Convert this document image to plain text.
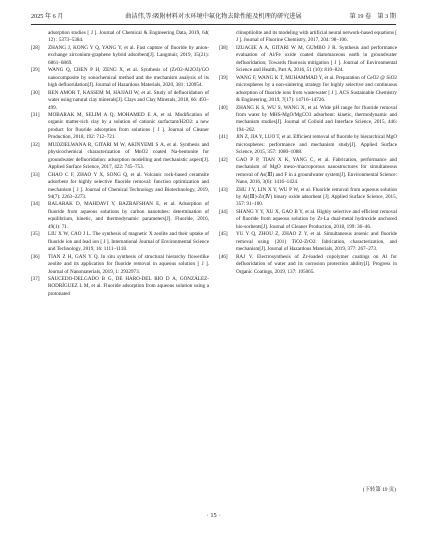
2025 年 6 月	曲洁伟,等:吸附材料对水环境中氟化物去除性能及机理的研究进展	第 19 卷　第 3 期
adsorption studies [ J ]. Journal of Chemical & Engineering Data, 2019, 64( 12) : 5373–5384.
[28]	ZHANG J, KONG Y Q, YANG Y, et al. Fast capture of fluoride by anion-exchange zirconium-graphene hybrid adsorbent[J]. Langmuir, 2019, 35(21): 6861–6869.
[29]	WANG Q, CHEN P H, ZENG X, et al. Synthesis of (ZrO2-Al2O3)/GO nanocomposite by sonochemical method and the mechanism analysis of its high defluoridation[J]. Journal of Hazardous Materials, 2020, 381: 120954.
[30]	BEN AMOR T, KASSEM M, HAJJAJI W, et al. Study of defluoridation of water using natural clay minerals[J]. Clays and Clay Minerals, 2018, 66: 493–499.
[31]	MOBARAK M, SELIM A Q, MOHAMED E A, et al. Modification of organic matter-rich clay by a solution of cationic surfactant/H2O2: a new product for fluoride adsorption from solutions [ J ]. Journal of Cleaner Production, 2018, 192: 712–721.
[32]	MUDZIELWANA R, GITARI M W, AKINYEMI S A, et al. Synthesis and physicochemical characterization of MnO2 coated Na-bentonite for groundwater defluoridation: adsorption modelling and mechanistic aspect[J]. Applied Surface Science, 2017, 422: 745–753.
[33]	CHAO C F, ZHAO Y X, SONG Q, et al. Volcanic rock-based ceramsite adsorbent for highly selective fluoride removal: function optimization and mechanism [ J ]. Journal of Chemical Technology and Biotechnology, 2019, 94(7): 2263–2273.
[34]	BALARAK D, MAHDAVI Y, BAZRAFSHAN E, et al. Adsorption of fluoride from aqueous solutions by carbon nanotubes: determination of equilibrium, kinetic, and thermodynamic parameters[J]. Fluoride, 2016, 49(1): 71.
[35]	LIU X W, CAO J L. The synthesis of magnetic X zeolite and their uptake of fluoride ion and lead ion [ J ]. International Journal of Environmental Science and Technology, 2019, 16: 1111–1118.
[36]	TIAN Z H, GAN Y Q. In situ synthesis of structural hierarchy flowerlike zeolite and its application for fluoride removal in aqueous solution [ J ]. Journal of Nanomaterials, 2019, 1: 2932973.
[37]	SAUCEDO-DELGADO B G, DE HARO-DEL RIO D A, GONZÁLEZ-RODRÍGUEZ L M, et al. Fluoride adsorption from aqueous solution using a protonated
clinoptilolite and its modeling with artificial neural network-based equations [ J ]. Journal of Fluorine Chemistry, 2017, 204: 98–106.
[38]	IZUAGIE A A, GITARI W M, GUMBO J R. Synthesis and performance evaluation of Al/Fe oxide coated diatomaceous earth in groundwater defluoridation; Towards fluorosis mitigation [ J ]. Journal of Environmental Science and Health, Part A, 2016, 51 (10): 810–824.
[39]	WANG F, WANG K T, MUHAMMAD Y, et al. Preparation of CeO2 @ SiO2 microspheres by a non-sintering strategy for highly selective and continuous adsorption of fluoride ions from wastewater [ J ]. ACS Sustainable Chemistry & Engineering, 2019, 7(17): 14716–14726.
[40]	ZHANG K S, WU S, WANG X, et al. Wide pH range for fluoride removal from water by MHS-MgO/MgCO3 adsorbent: kinetic, thermodynamic and mechanism studies[J]. Journal of Colloid and Interface Science, 2015, 446: 194–202.
[41]	JIN Z, JIA Y, LUO T, et al. Efficient removal of fluoride by hierarchical MgO microspheres: performance and mechanism study[J]. Applied Surface Science, 2015, 357: 1080–1088.
[42]	GAO P P, TIAN X K, YANG C, et al. Fabrication, performance and mechanism of MgO meso-/macroporous nanostructures for simultaneous removal of As(Ⅲ) and F in a groundwater system[J]. Environmental Science: Nano, 2016, 3(6): 1416–1424.
[43]	ZHU J Y, LIN X Y, WU P W, et al. Fluoride removal from aqueous solution by Al(Ⅲ)-Zr(Ⅳ) binary oxide adsorbent [J]. Applied Surface Science, 2015, 357: 91–100.
[44]	SHANG Y Y, XU X, GAO B Y, et al. Highly selective and efficient removal of fluoride from aqueous solution by Zr-La dual-metal hydroxide anchored bio-sorbents[J]. Journal of Cleaner Production, 2018, 199: 36–46.
[45]	YU Y Q, ZHOU Z, ZHAO Z Y, et al. Simultaneous arsenic and fluoride removal using {201} TiO2-ZrO2: fabrication, characterization, and mechanism[J]. Journal of Hazardous Materials, 2019, 377: 267–273.
[46]	RAJ V. Electrosynthesis of Zr-loaded copolymer coatings on Al for defluoridation of water and its corrosion protection ability[J]. Progress in Organic Coatings, 2019, 137: 105065.
(下转第 19 页)
· 15 ·
